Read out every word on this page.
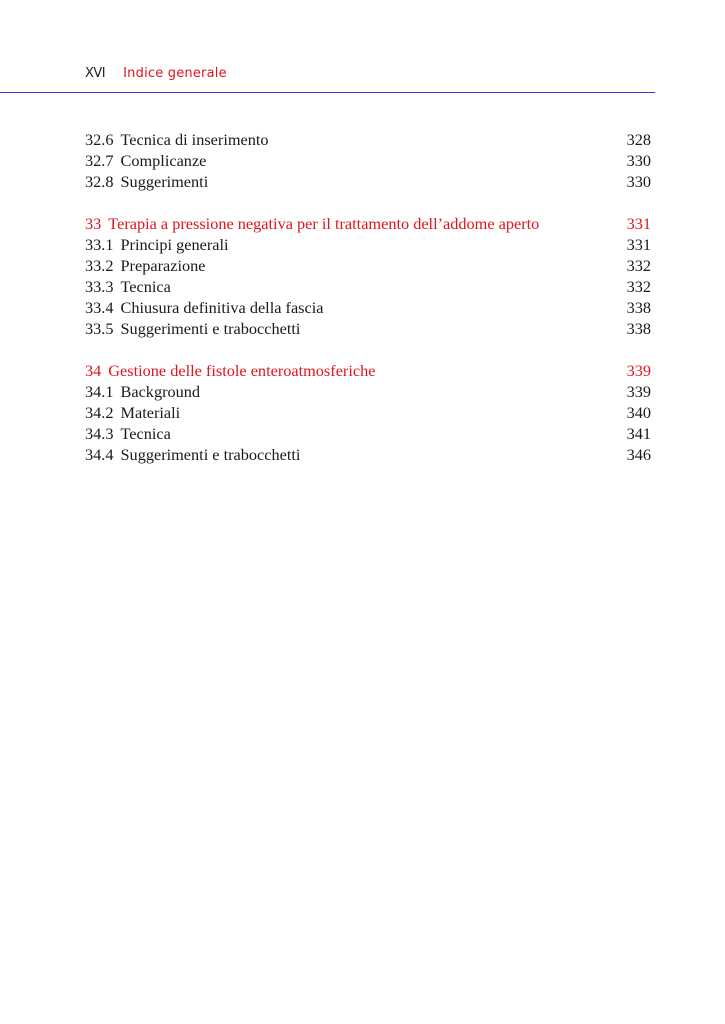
XVI Indice generale
32.6 Tecnica di inserimento	328
32.7 Complicanze	330
32.8 Suggerimenti	330
33 Terapia a pressione negativa per il trattamento dell’addome aperto	331
33.1 Principi generali	331
33.2 Preparazione	332
33.3 Tecnica	332
33.4 Chiusura definitiva della fascia	338
33.5 Suggerimenti e trabocchetti	338
34 Gestione delle fistole enteroatmosferiche	339
34.1 Background	339
34.2 Materiali	340
34.3 Tecnica	341
34.4 Suggerimenti e trabocchetti	346
